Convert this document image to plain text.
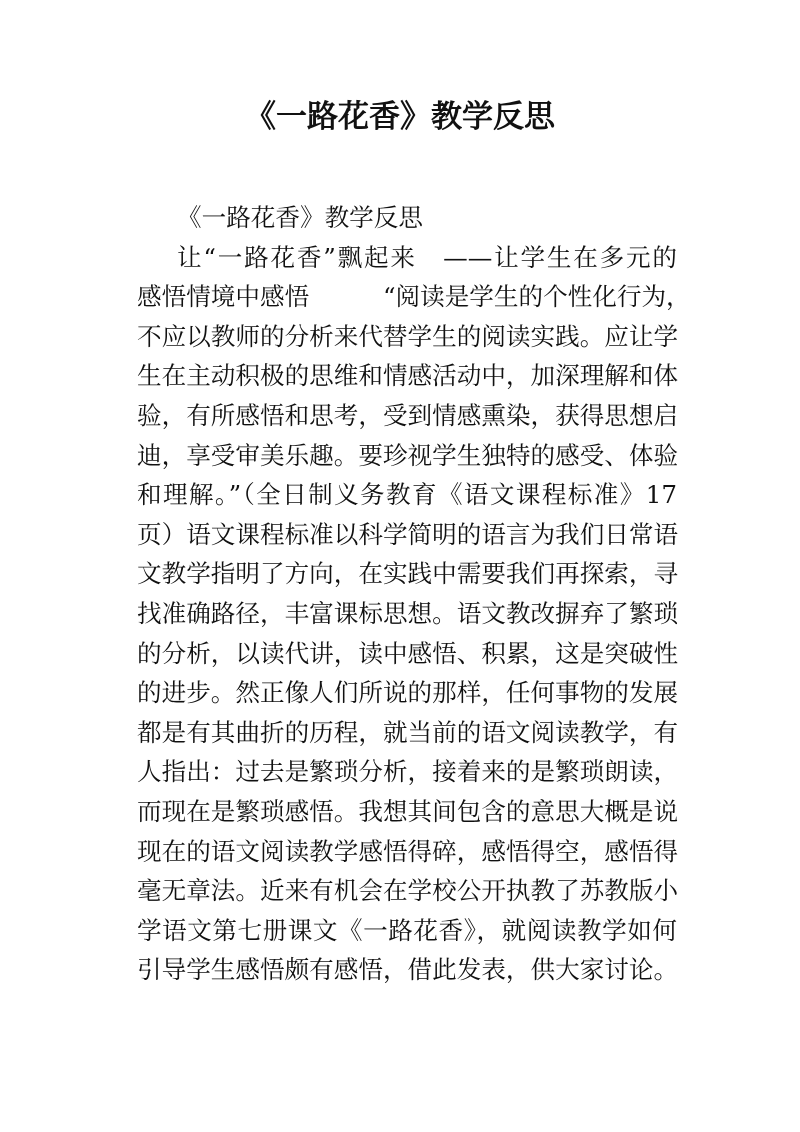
《一路花香》教学反思
《一路花香》教学反思
让“一路花香”飘起来　——让学生在多元的
感悟情境中感悟　　　“阅读是学生的个性化行为，
不应以教师的分析来代替学生的阅读实践。应让学
生在主动积极的思维和情感活动中，加深理解和体
验，有所感悟和思考，受到情感熏染，获得思想启
迪，享受审美乐趣。要珍视学生独特的感受、体验
和理解。”（全日制义务教育《语文课程标准》17
页）语文课程标准以科学简明的语言为我们日常语
文教学指明了方向，在实践中需要我们再探索，寻
找准确路径，丰富课标思想。语文教改摒弃了繁琐
的分析，以读代讲，读中感悟、积累，这是突破性
的进步。然正像人们所说的那样，任何事物的发展
都是有其曲折的历程，就当前的语文阅读教学，有
人指出：过去是繁琐分析，接着来的是繁琐朗读，
而现在是繁琐感悟。我想其间包含的意思大概是说
现在的语文阅读教学感悟得碎，感悟得空，感悟得
毫无章法。近来有机会在学校公开执教了苏教版小
学语文第七册课文《一路花香》，就阅读教学如何
引导学生感悟颇有感悟，借此发表，供大家讨论。
